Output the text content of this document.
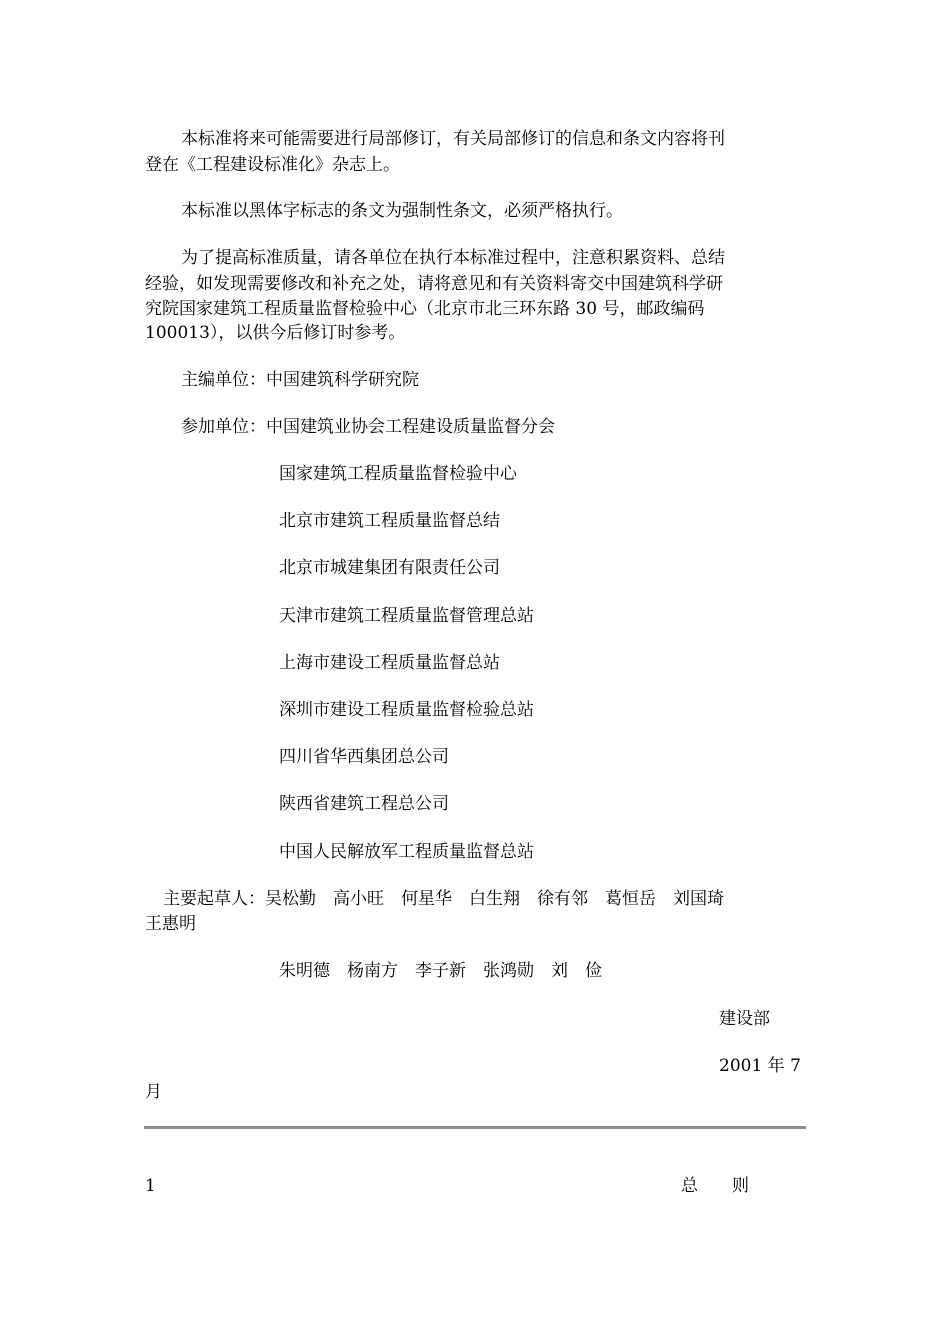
本标准将来可能需要进行局部修订，有关局部修订的信息和条文内容将刊
登在《工程建设标准化》杂志上。
本标准以黑体字标志的条文为强制性条文，必须严格执行。
为了提高标准质量，请各单位在执行本标准过程中，注意积累资料、总结
经验，如发现需要修改和补充之处，请将意见和有关资料寄交中国建筑科学研
究院国家建筑工程质量监督检验中心（北京市北三环东路 30 号，邮政编码
100013），以供今后修订时参考。
主编单位：中国建筑科学研究院
参加单位：中国建筑业协会工程建设质量监督分会
国家建筑工程质量监督检验中心
北京市建筑工程质量监督总结
北京市城建集团有限责任公司
天津市建筑工程质量监督管理总站
上海市建设工程质量监督总站
深圳市建设工程质量监督检验总站
四川省华西集团总公司
陕西省建筑工程总公司
中国人民解放军工程质量监督总站
主要起草人：吴松勤　高小旺　何星华　白生翔　徐有邻　葛恒岳　刘国琦
王惠明
朱明德　杨南方　李子新　张鸿勋　刘　俭
建设部
2001 年 7
月
1	总　　则
